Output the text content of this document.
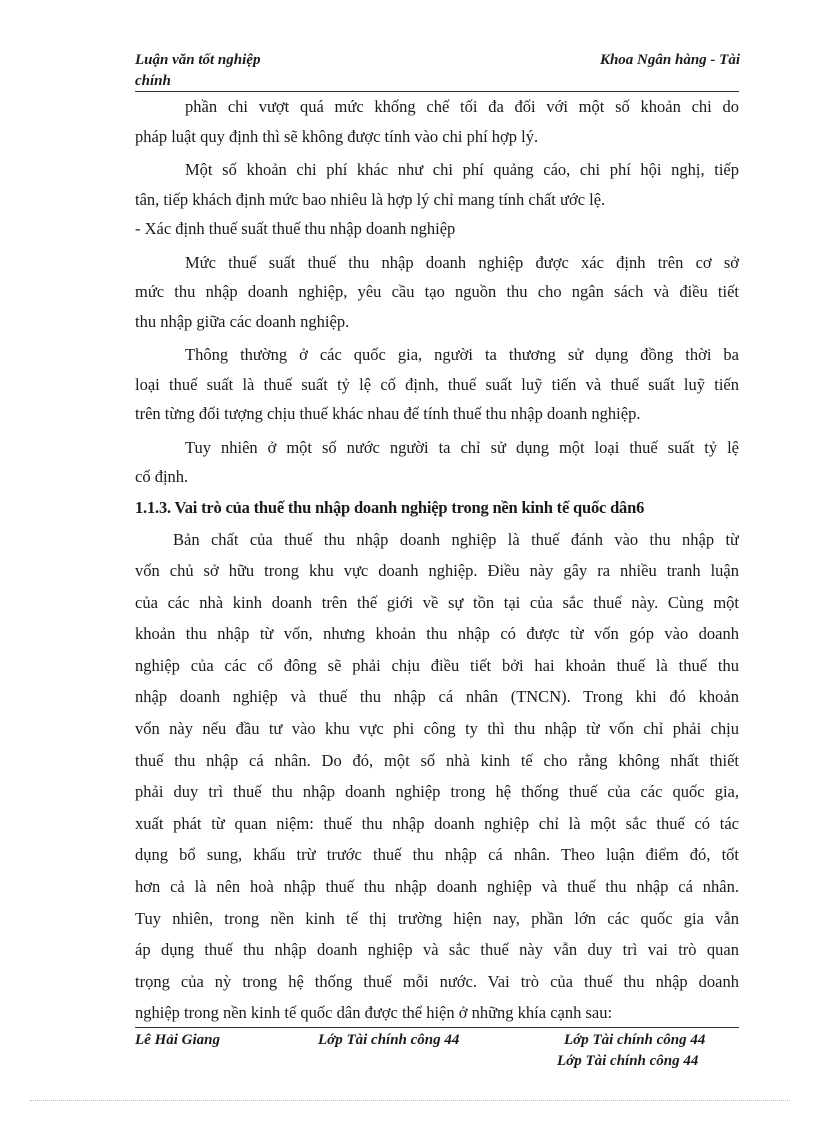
Luận văn tốt nghiệp
chính
Khoa Ngân hàng - Tài
phần chi vượt quá mức khống chế tối đa đối với một số khoản chi do
pháp luật quy định thì sẽ không được tính vào chi phí hợp lý.
Một số khoản chi phí khác như chi phí quảng cáo, chi phí hội nghị, tiếp
tân, tiếp khách định mức bao nhiêu là hợp lý chỉ mang tính chất ước lệ.
- Xác định thuế suất thuế thu nhập doanh nghiệp
Mức thuế suất thuế thu nhập doanh nghiệp được xác định trên cơ sở
mức thu nhập doanh nghiệp, yêu cầu tạo nguồn thu cho ngân sách và điều tiết
thu nhập giữa các doanh nghiệp.
Thông thường ở các quốc gia, người ta thương sử dụng đồng thời ba
loại thuế suất là thuế suất tỷ lệ cố định, thuế suất luỹ tiến và thuế suất luỹ tiến
trên từng đối tượng chịu thuế khác nhau để tính thuế thu nhập doanh nghiệp.
Tuy nhiên ở một số nước người ta chỉ sử dụng một loại thuế suất tỷ lệ
cố định.
1.1.3. Vai trò của thuế thu nhập doanh nghiệp trong nền kinh tế quốc dân6
Bản chất của thuế thu nhập doanh nghiệp là thuế đánh vào thu nhập từ
vốn chủ sở hữu trong khu vực doanh nghiệp. Điều này gây ra nhiều tranh luận
của các nhà kinh doanh trên thế giới về sự tồn tại của sắc thuế này. Cùng một
khoản thu nhập từ vốn, nhưng khoản thu nhập có được từ vốn góp vào doanh
nghiệp của các cổ đông sẽ phải chịu điều tiết bởi hai khoản thuế là thuế thu
nhập doanh nghiệp và thuế thu nhập cá nhân (TNCN). Trong khi đó khoản
vốn này nếu đầu tư vào khu vực phi công ty thì thu nhập từ vốn chỉ phải chịu
thuế thu nhập cá nhân. Do đó, một số nhà kinh tế cho rằng không nhất thiết
phải duy trì thuế thu nhập doanh nghiệp trong hệ thống thuế của các quốc gia,
xuất phát từ quan niệm: thuế thu nhập doanh nghiệp chỉ là một sắc thuế có tác
dụng bổ sung, khấu trừ trước thuế thu nhập cá nhân. Theo luận điểm đó, tốt
hơn cả là nên hoà nhập thuế thu nhập doanh nghiệp và thuế thu nhập cá nhân.
Tuy nhiên, trong nền kinh tế thị trường hiện nay, phần lớn các quốc gia vẫn
áp dụng thuế thu nhập doanh nghiệp và sắc thuế này vẫn duy trì vai trò quan
trọng của nỳ trong hệ thống thuế mỗi nước. Vai trò của thuế thu nhập doanh
nghiệp trong nền kinh tế quốc dân được thể hiện ở những khía cạnh sau:
Lê Hải Giang	Lớp Tài chính công 44	Lớp Tài chính công 44
Lớp Tài chính công 44
